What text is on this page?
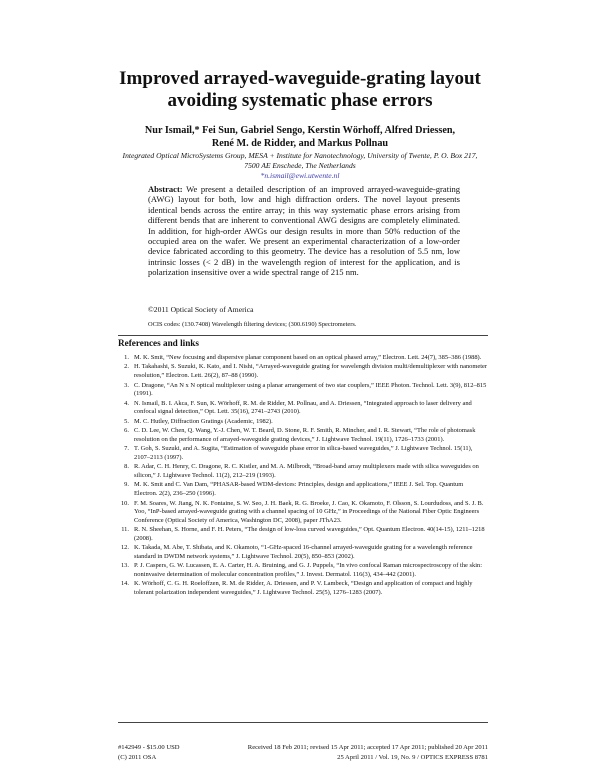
Improved arrayed-waveguide-grating layout
avoiding systematic phase errors
Nur Ismail,* Fei Sun, Gabriel Sengo, Kerstin Wörhoff, Alfred Driessen,
René M. de Ridder, and Markus Pollnau
Integrated Optical MicroSystems Group, MESA + Institute for Nanotechnology, University of Twente, P. O. Box 217,
7500 AE Enschede, The Netherlands
*n.ismail@ewi.utwente.nl
Abstract: We present a detailed description of an improved arrayed-waveguide-grating (AWG) layout for both, low and high diffraction orders. The novel layout presents identical bends across the entire array; in this way systematic phase errors arising from different bends that are inherent to conventional AWG designs are completely eliminated. In addition, for high-order AWGs our design results in more than 50% reduction of the occupied area on the wafer. We present an experimental characterization of a low-order device fabricated according to this geometry. The device has a resolution of 5.5 nm, low intrinsic losses (< 2 dB) in the wavelength region of interest for the application, and is polarization insensitive over a wide spectral range of 215 nm.
©2011 Optical Society of America
OCIS codes: (130.7408) Wavelength filtering devices; (300.6190) Spectrometers.
References and links
1. M. K. Smit, “New focusing and dispersive planar component based on an optical phased array,” Electron. Lett. 24(7), 385–386 (1988).
2. H. Takahashi, S. Suzuki, K. Kato, and I. Nishi, “Arrayed-waveguide grating for wavelength division multi/demultiplexer with nanometer resolution,” Electron. Lett. 26(2), 87–88 (1990).
3. C. Dragone, “An N x N optical multiplexer using a planar arrangement of two star couplers,” IEEE Photon. Technol. Lett. 3(9), 812–815 (1991).
4. N. Ismail, B. I. Akca, F. Sun, K. Wörhoff, R. M. de Ridder, M. Pollnau, and A. Driessen, “Integrated approach to laser delivery and confocal signal detection,” Opt. Lett. 35(16), 2741–2743 (2010).
5. M. C. Hutley, Diffraction Gratings (Academic, 1982).
6. C. D. Lee, W. Chen, Q. Wang, Y.-J. Chen, W. T. Beard, D. Stone, R. F. Smith, R. Mincher, and I. R. Stewart, “The role of photomask resolution on the performance of arrayed-waveguide grating devices,” J. Lightwave Technol. 19(11), 1726–1733 (2001).
7. T. Goh, S. Suzuki, and A. Sugita, “Estimation of waveguide phase error in silica-based waveguides,” J. Lightwave Technol. 15(11), 2107–2113 (1997).
8. R. Adar, C. H. Henry, C. Dragone, R. C. Kistler, and M. A. Milbrodt, “Broad-band array multiplexers made with silica waveguides on silicon,” J. Lightwave Technol. 11(2), 212–219 (1993).
9. M. K. Smit and C. Van Dam, “PHASAR-based WDM-devices: Principles, design and applications,” IEEE J. Sel. Top. Quantum Electron. 2(2), 236–250 (1996).
10. F. M. Soares, W. Jiang, N. K. Fontaine, S. W. Seo, J. H. Baek, R. G. Broeke, J. Cao, K. Okamoto, F. Olsson, S. Lourdudoss, and S. J. B. Yoo, “InP-based arrayed-waveguide grating with a channel spacing of 10 GHz,” in Proceedings of the National Fiber Optic Engineers Conference (Optical Society of America, Washington DC, 2008), paper JThA23.
11. R. N. Sheehan, S. Horne, and F. H. Peters, “The design of low-loss curved waveguides,” Opt. Quantum Electron. 40(14-15), 1211–1218 (2008).
12. K. Takada, M. Abe, T. Shibata, and K. Okamoto, “1-GHz-spaced 16-channel arrayed-waveguide grating for a wavelength reference standard in DWDM network systems,” J. Lightwave Technol. 20(5), 850–853 (2002).
13. P. J. Caspers, G. W. Lucassen, E. A. Carter, H. A. Bruining, and G. J. Puppels, “In vivo confocal Raman microspectroscopy of the skin: noninvasive determination of molecular concentration profiles,” J. Invest. Dermatol. 116(3), 434–442 (2001).
14. K. Wörhoff, C. G. H. Roeloffzen, R. M. de Ridder, A. Driessen, and P. V. Lambeck, “Design and application of compact and highly tolerant polarization independent waveguides,” J. Lightwave Technol. 25(5), 1276–1283 (2007).
#142949 - $15.00 USD	Received 18 Feb 2011; revised 15 Apr 2011; accepted 17 Apr 2011; published 20 Apr 2011
(C) 2011 OSA	25 April 2011 / Vol. 19, No. 9 / OPTICS EXPRESS 8781
